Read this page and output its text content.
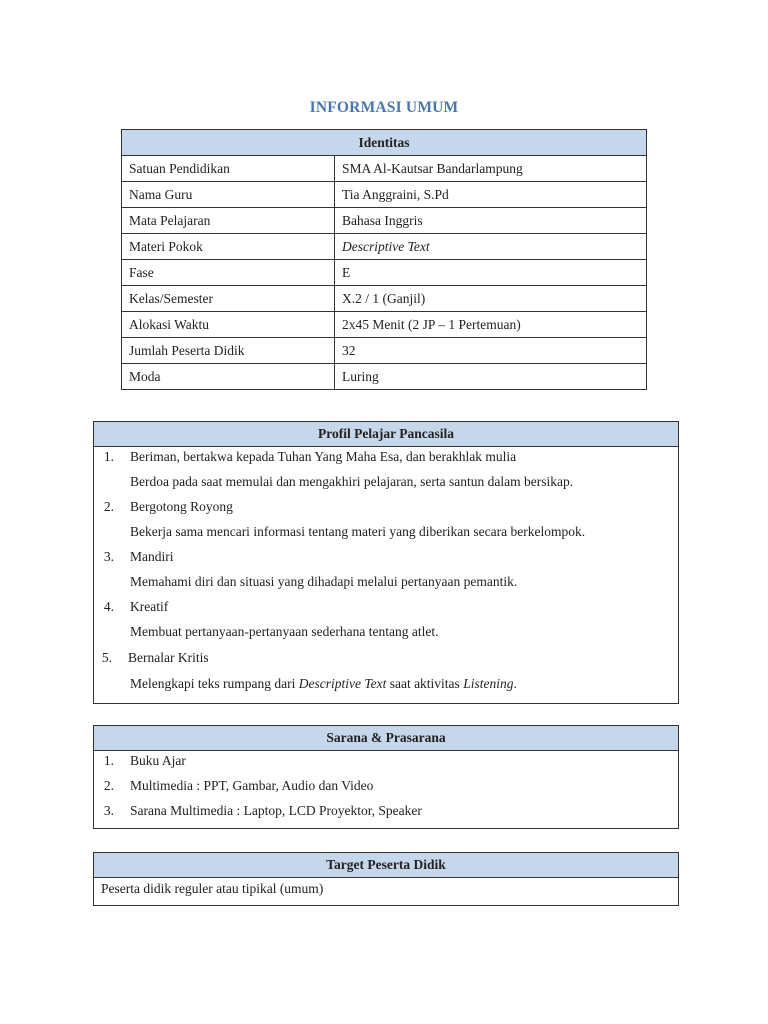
INFORMASI UMUM
Identitas	
Satuan Pendidikan	SMA Al-Kautsar Bandarlampung
Nama Guru	Tia Anggraini, S.Pd
Mata Pelajaran	Bahasa Inggris
Materi Pokok	Descriptive Text
Fase	E
Kelas/Semester	X.2 / 1 (Ganjil)
Alokasi Waktu	2x45 Menit (2 JP – 1 Pertemuan)
Jumlah Peserta Didik	32
Moda	Luring
Profil Pelajar Pancasila
1. Beriman, bertakwa kepada Tuhan Yang Maha Esa, dan berakhlak mulia
Berdoa pada saat memulai dan mengakhiri pelajaran, serta santun dalam bersikap.
2. Bergotong Royong
Bekerja sama mencari informasi tentang materi yang diberikan secara berkelompok.
3. Mandiri
Memahami diri dan situasi yang dihadapi melalui pertanyaan pemantik.
4. Kreatif
Membuat pertanyaan-pertanyaan sederhana tentang atlet.
5. Bernalar Kritis
Melengkapi teks rumpang dari Descriptive Text saat aktivitas Listening.
Sarana & Prasarana
1. Buku Ajar
2. Multimedia : PPT, Gambar, Audio dan Video
3. Sarana Multimedia : Laptop, LCD Proyektor, Speaker
Target Peserta Didik
Peserta didik reguler atau tipikal (umum)
